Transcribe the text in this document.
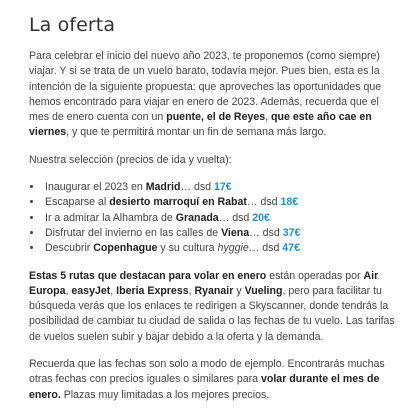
La oferta

Para celebrar el inicio del nuevo año 2023, te proponemos (como siempre) viajar. Y si se trata de un vuelo barato, todavía mejor. Pues bien, esta es la intención de la siguiente propuesta: que aproveches las oportunidades que hemos encontrado para viajar en enero de 2023. Además, recuerda que el mes de enero cuenta con un puente, el de Reyes, que este año cae en viernes, y que te permitirá montar un fin de semana más largo.

Nuestra selección (precios de ida y vuelta):

• Inaugurar el 2023 en Madrid… dsd 17€
• Escaparse al desierto marroquí en Rabat… dsd 18€
• Ir a admirar la Alhambra de Granada… dsd 20€
• Disfrutar del invierno en las calles de Viena… dsd 37€
• Descubrir Copenhague y su cultura hyggie… dsd 47€

Estas 5 rutas que destacan para volar en enero están operadas por Air Europa, easyJet, Iberia Express, Ryanair y Vueling, pero para facilitar tu búsqueda verás que los enlaces te redirigen a Skyscanner, donde tendrás la posibilidad de cambiar tu ciudad de salida o las fechas de tu vuelo. Las tarifas de vuelos suelen subir y bajar debido a la oferta y la demanda.

Recuerda que las fechas son solo a modo de ejemplo. Encontrarás muchas otras fechas con precios iguales o similares para volar durante el mes de enero. Plazas muy limitadas a los mejores precios.
